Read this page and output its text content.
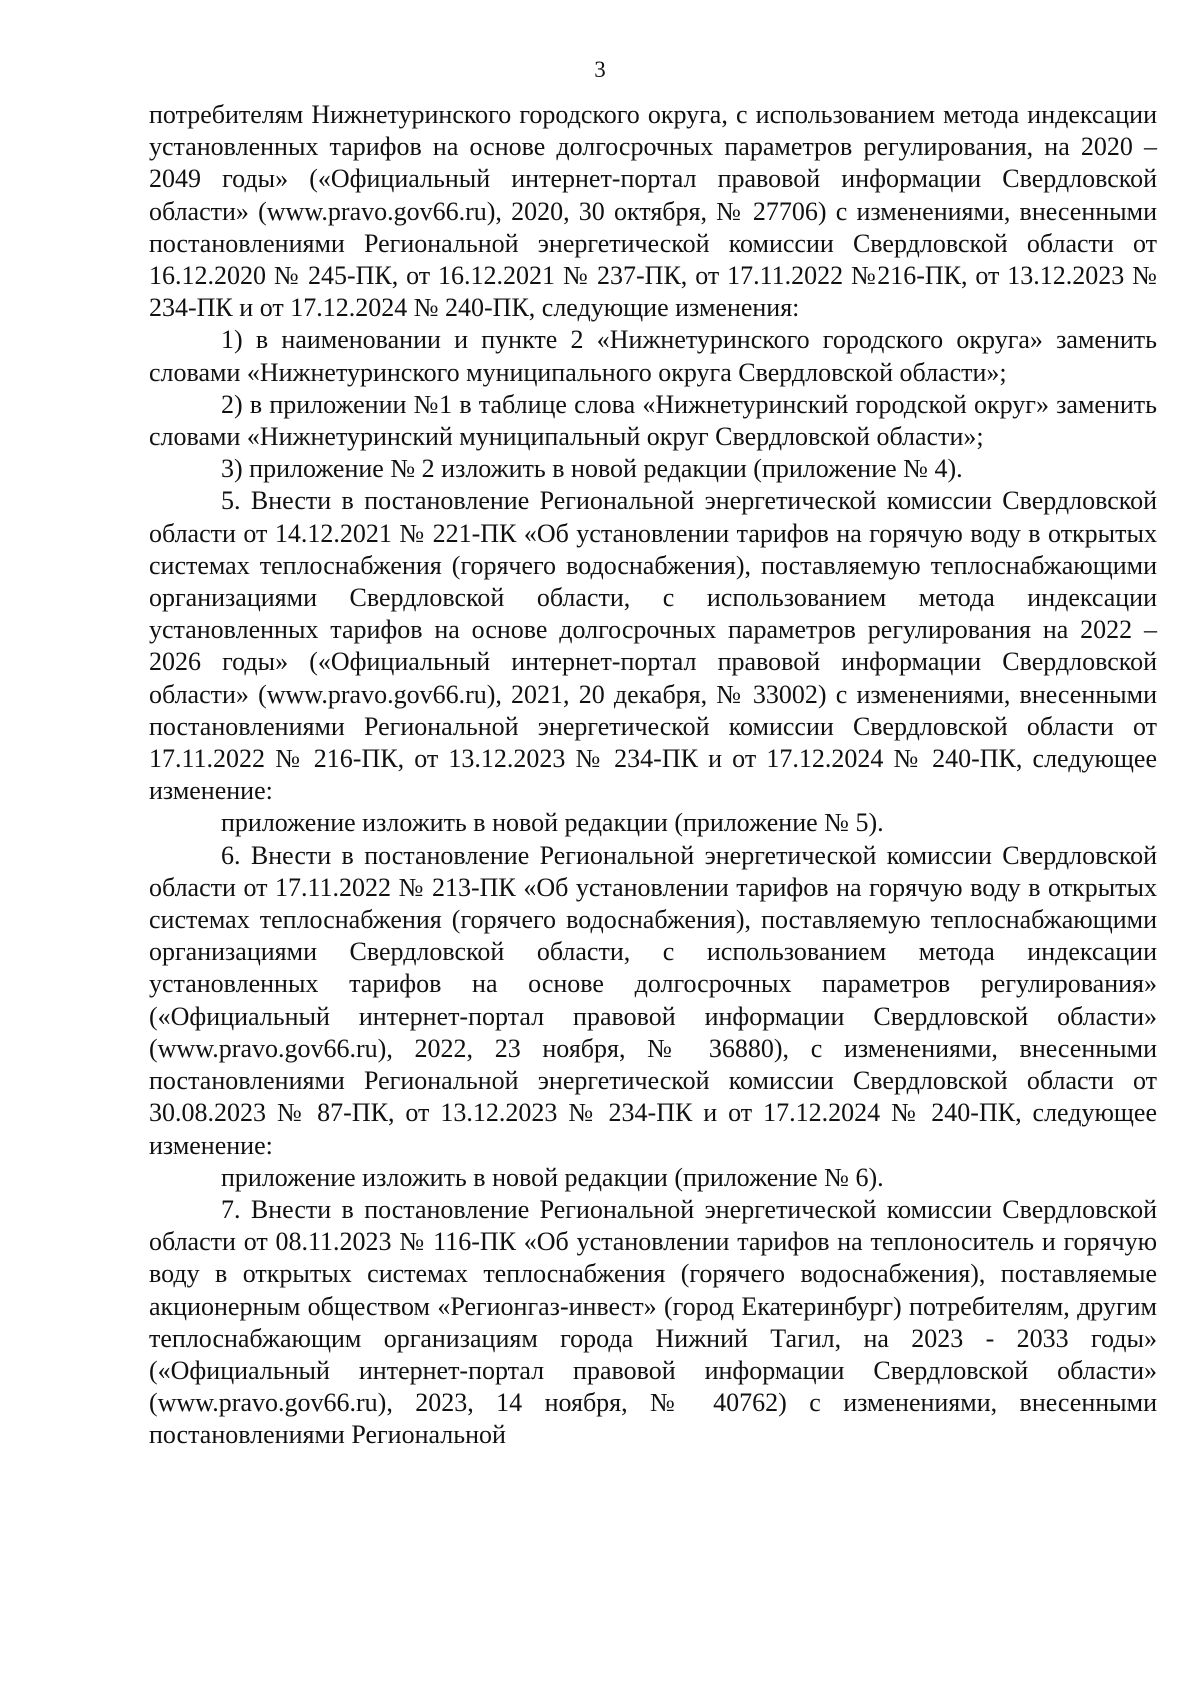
3

потребителям Нижнетуринского городского округа, с использованием метода индексации установленных тарифов на основе долгосрочных параметров регулирования, на 2020 – 2049 годы» («Официальный интернет-портал правовой информации Свердловской области» (www.pravo.gov66.ru), 2020, 30 октября, № 27706) с изменениями, внесенными постановлениями Региональной энергетической комиссии Свердловской области от 16.12.2020 № 245-ПК, от 16.12.2021 № 237-ПК, от 17.11.2022 №216-ПК, от 13.12.2023 № 234-ПК и от 17.12.2024 № 240-ПК, следующие изменения:

1) в наименовании и пункте 2 «Нижнетуринского городского округа» заменить словами «Нижнетуринского муниципального округа Свердловской области»;

2) в приложении №1 в таблице слова «Нижнетуринский городской округ» заменить словами «Нижнетуринский муниципальный округ Свердловской области»;

3) приложение № 2 изложить в новой редакции (приложение № 4).

5. Внести в постановление Региональной энергетической комиссии Свердловской области от 14.12.2021 № 221-ПК «Об установлении тарифов на горячую воду в открытых системах теплоснабжения (горячего водоснабжения), поставляемую теплоснабжающими организациями Свердловской области, с использованием метода индексации установленных тарифов на основе долгосрочных параметров регулирования на 2022 – 2026 годы» («Официальный интернет-портал правовой информации Свердловской области» (www.pravo.gov66.ru), 2021, 20 декабря, № 33002) с изменениями, внесенными постановлениями Региональной энергетической комиссии Свердловской области от 17.11.2022 № 216-ПК, от 13.12.2023 № 234-ПК и от 17.12.2024 № 240-ПК, следующее изменение:

приложение изложить в новой редакции (приложение № 5).

6. Внести в постановление Региональной энергетической комиссии Свердловской области от 17.11.2022 № 213-ПК «Об установлении тарифов на горячую воду в открытых системах теплоснабжения (горячего водоснабжения), поставляемую теплоснабжающими организациями Свердловской области, с использованием метода индексации установленных тарифов на основе долгосрочных параметров регулирования» («Официальный интернет-портал правовой информации Свердловской области» (www.pravo.gov66.ru), 2022, 23 ноября, № 36880), с изменениями, внесенными постановлениями Региональной энергетической комиссии Свердловской области от 30.08.2023 № 87-ПК, от 13.12.2023 № 234-ПК и от 17.12.2024 № 240-ПК, следующее изменение:

приложение изложить в новой редакции (приложение № 6).

7. Внести в постановление Региональной энергетической комиссии Свердловской области от 08.11.2023 № 116-ПК «Об установлении тарифов на теплоноситель и горячую воду в открытых системах теплоснабжения (горячего водоснабжения), поставляемые акционерным обществом «Регионгаз-инвест» (город Екатеринбург) потребителям, другим теплоснабжающим организациям города Нижний Тагил, на 2023 - 2033 годы» («Официальный интернет-портал правовой информации Свердловской области» (www.pravo.gov66.ru), 2023, 14 ноября, № 40762) с изменениями, внесенными постановлениями Региональной
